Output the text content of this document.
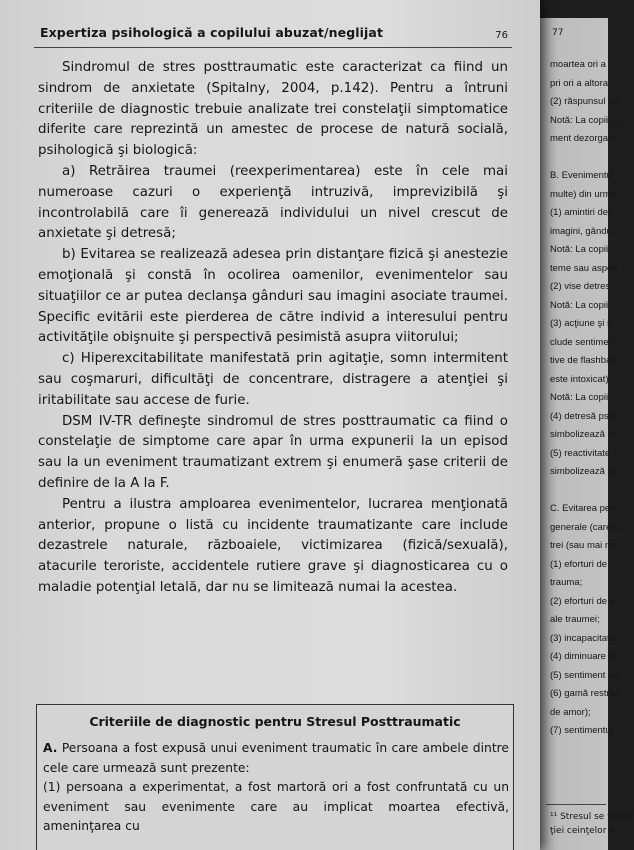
77
moartea ori a
pri ori a altora;
(2) răspunsul pe
Notă: La copii, a
ment dezorgani

B. Evenimentul
multe) din urma
(1) amintiri det
imagini, gându
Notă: La copii
teme sau aspec
(2) vise detres
Notă: La copii,
(3) acţiune şi s
clude sentimen
tive de flashbac
este intoxicat);
Notă: La copii
(4) detresă psih
simbolizează sa
(5) reactivitate f
simbolizează sa

C. Evitarea pers
generale (care n
trei (sau mai mu
(1) eforturi de
trauma;
(2) eforturi de a
ale traumei;
(3) incapacitate
(4) diminuare m
(5) sentiment de
(6) gamă restrân
de amor);
(7) sentimentul
¹¹ Stresul se transf
ţiei ceinţelor a
Expertiza psihologică a copilului abuzat/neglijat	76

Sindromul de stres posttraumatic este caracterizat ca fiind un sindrom de anxietate (Spitalny, 2004, p.142). Pentru a întruni criteriile de diagnostic trebuie analizate trei constelaţii simptomatice diferite care reprezintă un amestec de procese de natură socială, psihologică şi biologică:

a) Retrăirea traumei (reexperimentarea) este în cele mai numeroase cazuri o experienţă intruzivă, imprevizibilă şi incontrolabilă care îi generează individului un nivel crescut de anxietate şi detresă;

b) Evitarea se realizează adesea prin distanţare fizică şi anestezie emoţională şi constă în ocolirea oamenilor, evenimentelor sau situaţiilor ce ar putea declanşa gânduri sau imagini asociate traumei. Specific evitării este pierderea de către individ a interesului pentru activităţile obişnuite şi perspectivă pesimistă asupra viitorului;

c) Hiperexcitabilitate manifestată prin agitaţie, somn intermitent sau coşmaruri, dificultăţi de concentrare, distragere a atenţiei şi iritabilitate sau accese de furie.

DSM IV-TR defineşte sindromul de stres posttraumatic ca fiind o constelaţie de simptome care apar în urma expunerii la un episod sau la un eveniment traumatizant extrem şi enumeră şase criterii de definire de la A la F.

Pentru a ilustra amploarea evenimentelor, lucrarea menţionată anterior, propune o listă cu incidente traumatizante care include dezastrele naturale, războaiele, victimizarea (fizică/sexuală), atacurile teroriste, accidentele rutiere grave şi diagnosticarea cu o maladie potenţial letală, dar nu se limitează numai la acestea.

Criteriile de diagnostic pentru Stresul Posttraumatic

A. Persoana a fost expusă unui eveniment traumatic în care ambele dintre cele care urmează sunt prezente:

(1) persoana a experimentat, a fost martoră ori a fost confruntată cu un eveniment sau evenimente care au implicat moartea efectivă, ameninţarea cu
